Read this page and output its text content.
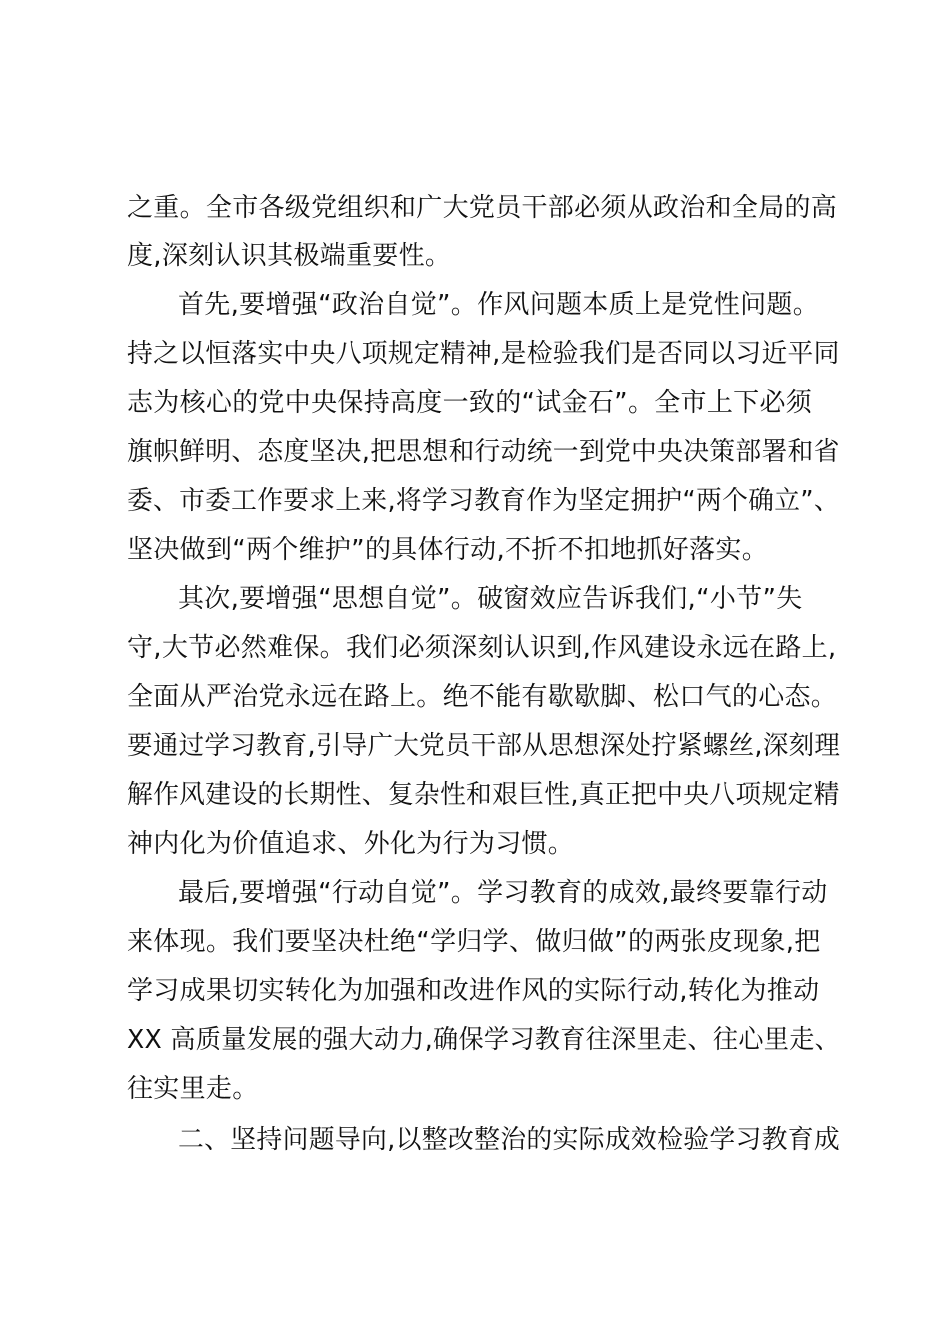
之重。全市各级党组织和广大党员干部必须从政治和全局的高
度,深刻认识其极端重要性。
首先,要增强“政治自觉”。作风问题本质上是党性问题。
持之以恒落实中央八项规定精神,是检验我们是否同以习近平同
志为核心的党中央保持高度一致的“试金石”。全市上下必须
旗帜鲜明、态度坚决,把思想和行动统一到党中央决策部署和省
委、市委工作要求上来,将学习教育作为坚定拥护“两个确立”、
坚决做到“两个维护”的具体行动,不折不扣地抓好落实。
其次,要增强“思想自觉”。破窗效应告诉我们,“小节”失
守,大节必然难保。我们必须深刻认识到,作风建设永远在路上,
全面从严治党永远在路上。绝不能有歇歇脚、松口气的心态。
要通过学习教育,引导广大党员干部从思想深处拧紧螺丝,深刻理
解作风建设的长期性、复杂性和艰巨性,真正把中央八项规定精
神内化为价值追求、外化为行为习惯。
最后,要增强“行动自觉”。学习教育的成效,最终要靠行动
来体现。我们要坚决杜绝“学归学、做归做”的两张皮现象,把
学习成果切实转化为加强和改进作风的实际行动,转化为推动
XX 高质量发展的强大动力,确保学习教育往深里走、往心里走、
往实里走。
二、坚持问题导向,以整改整治的实际成效检验学习教育成
